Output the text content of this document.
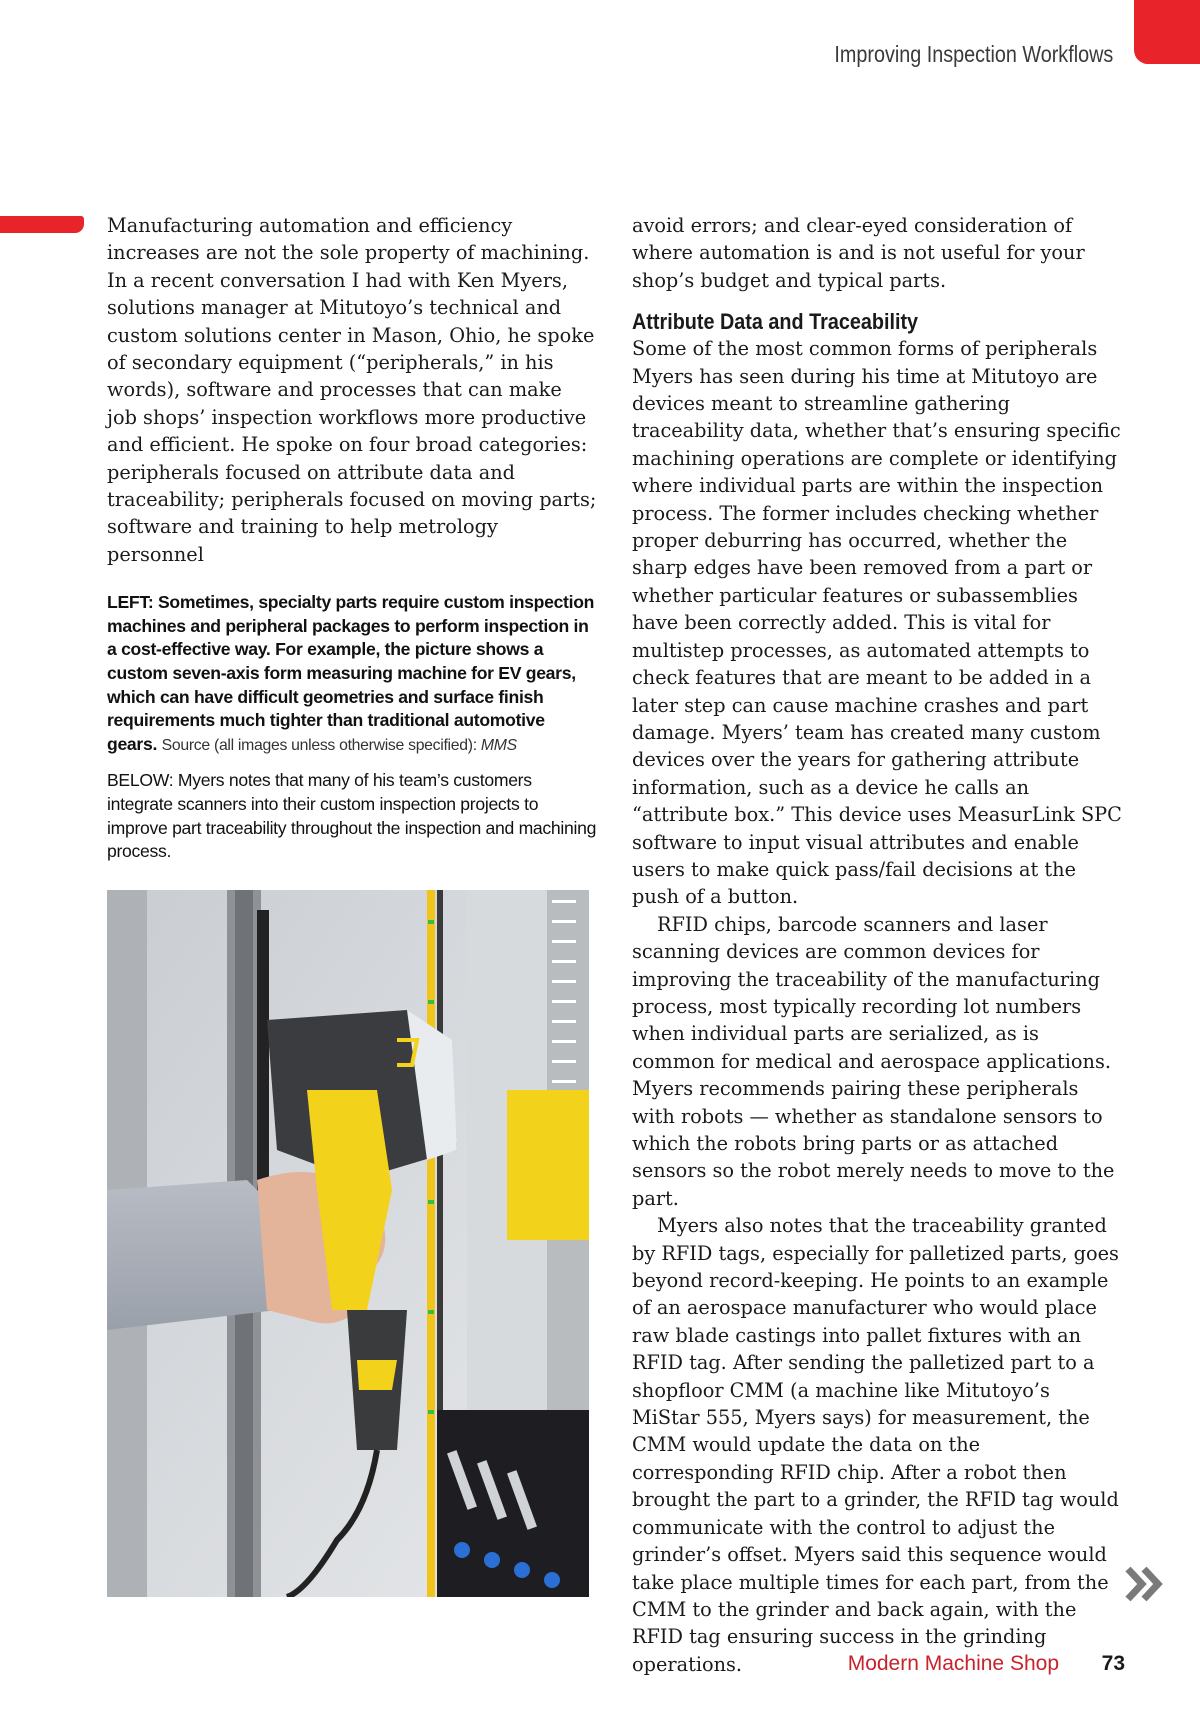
Improving Inspection Workflows

Manufacturing automation and efficiency increases are not the sole property of machining. In a recent conversation I had with Ken Myers, solutions manager at Mitutoyo’s technical and custom solutions center in Mason, Ohio, he spoke of secondary equipment (“peripherals,” in his words), software and processes that can make job shops’ inspection workflows more productive and efficient. He spoke on four broad categories: peripherals focused on attribute data and traceability; peripherals focused on moving parts; software and training to help metrology personnel

LEFT: Sometimes, specialty parts require custom inspection machines and peripheral packages to perform inspection in a cost-effective way. For example, the picture shows a custom seven-axis form measuring machine for EV gears, which can have difficult geometries and surface finish requirements much tighter than traditional automotive gears. Source (all images unless otherwise specified): MMS

BELOW: Myers notes that many of his team’s customers integrate scanners into their custom inspection projects to improve part traceability throughout the inspection and machining process.

avoid errors; and clear-eyed consideration of where automation is and is not useful for your shop’s budget and typical parts.

Attribute Data and Traceability

Some of the most common forms of peripherals Myers has seen during his time at Mitutoyo are devices meant to streamline gathering traceability data, whether that’s ensuring specific machining operations are complete or identifying where individual parts are within the inspection process. The former includes checking whether proper deburring has occurred, whether the sharp edges have been removed from a part or whether particular features or subassemblies have been correctly added. This is vital for multistep processes, as automated attempts to check features that are meant to be added in a later step can cause machine crashes and part damage. Myers’ team has created many custom devices over the years for gathering attribute information, such as a device he calls an “attribute box.” This device uses MeasurLink SPC software to input visual attributes and enable users to make quick pass/fail decisions at the push of a button.

RFID chips, barcode scanners and laser scanning devices are common devices for improving the traceability of the manufacturing process, most typically recording lot numbers when individual parts are serialized, as is common for medical and aerospace applications. Myers recommends pairing these peripherals with robots — whether as standalone sensors to which the robots bring parts or as attached sensors so the robot merely needs to move to the part.

Myers also notes that the traceability granted by RFID tags, especially for palletized parts, goes beyond record-keeping. He points to an example of an aerospace manufacturer who would place raw blade castings into pallet fixtures with an RFID tag. After sending the palletized part to a shopfloor CMM (a machine like Mitutoyo’s MiStar 555, Myers says) for measurement, the CMM would update the data on the corresponding RFID chip. After a robot then brought the part to a grinder, the RFID tag would communicate with the control to adjust the grinder’s offset. Myers said this sequence would take place multiple times for each part, from the CMM to the grinder and back again, with the RFID tag ensuring success in the grinding operations.	Modern Machine Shop 73
